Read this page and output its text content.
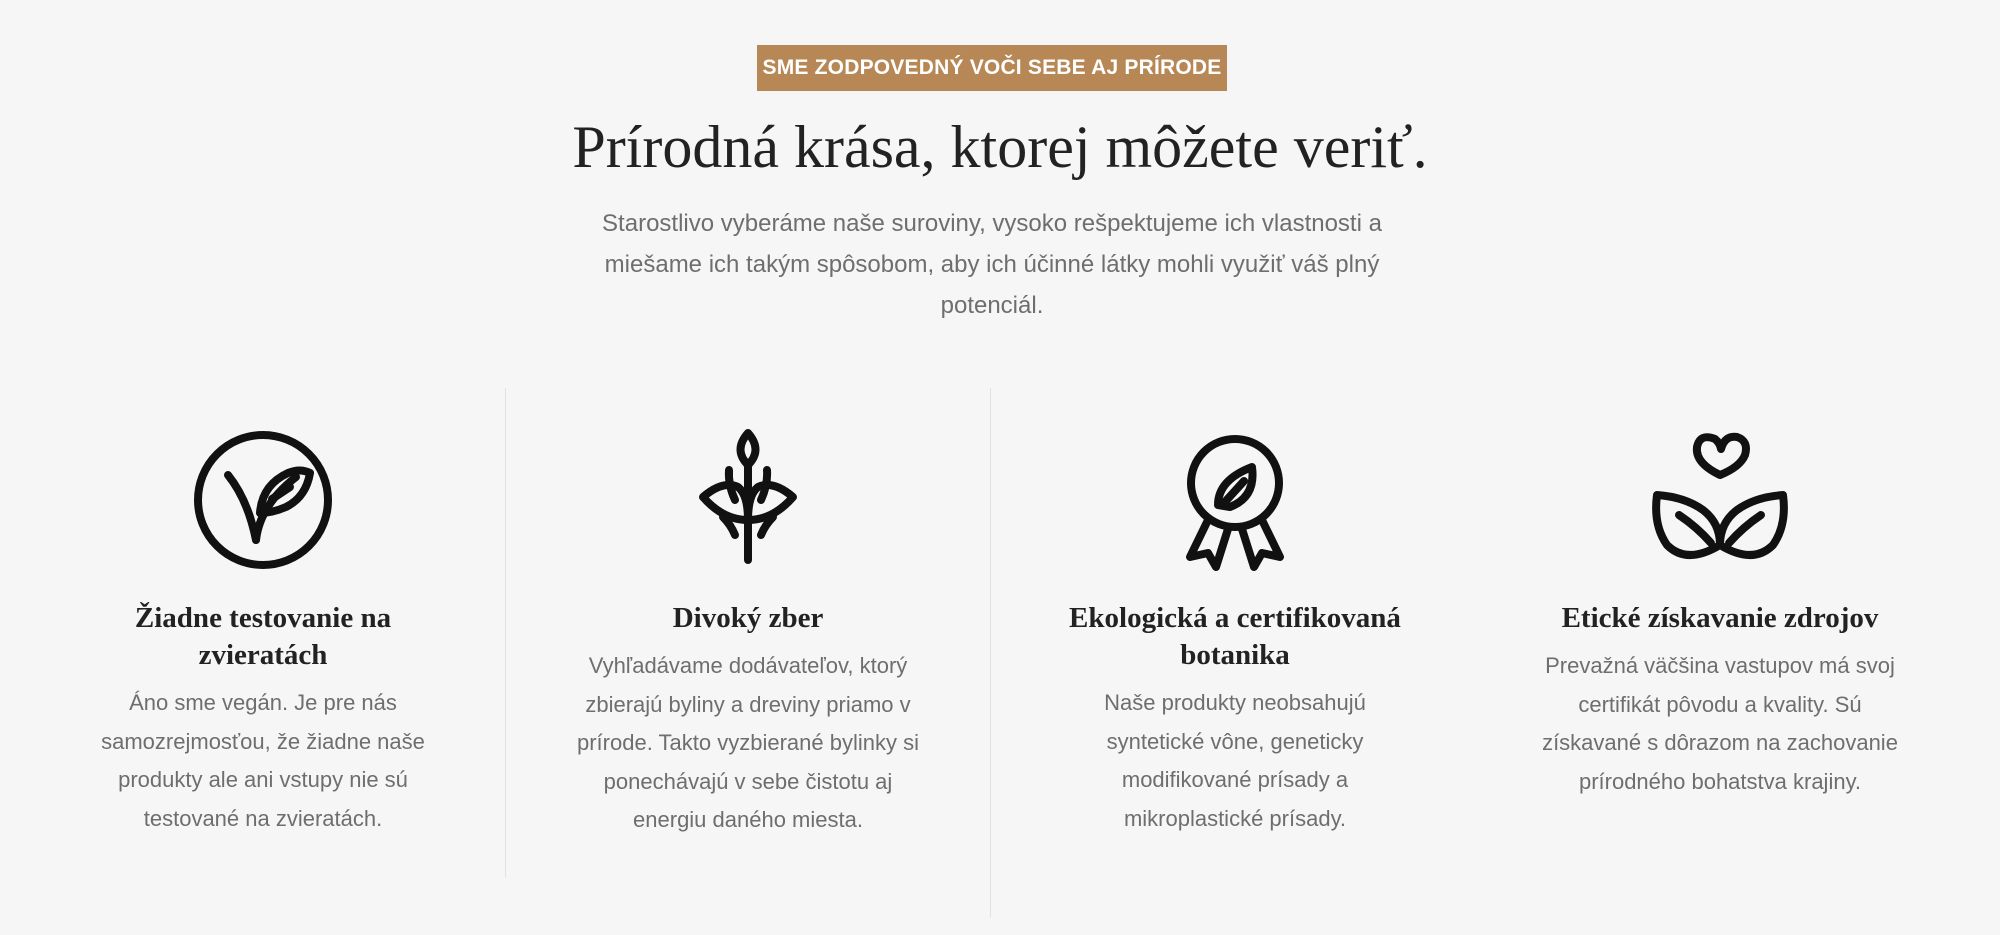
SME ZODPOVEDNÝ VOČI SEBE AJ PRÍRODE
Prírodná krása, ktorej môžete veriť.

Starostlivo vyberáme naše suroviny, vysoko rešpektujeme ich vlastnosti a miešame ich takým spôsobom, aby ich účinné látky mohli využiť váš plný potenciál.

Žiadne testovanie na zvieratách

Áno sme vegán. Je pre nás samozrejmosťou, že žiadne naše produkty ale ani vstupy nie sú testované na zvieratách.

Divoký zber

Vyhľadávame dodávateľov, ktorý zbierajú byliny a dreviny priamo v prírode. Takto vyzbierané bylinky si ponechávajú v sebe čistotu aj energiu daného miesta.

Ekologická a certifikovaná botanika

Naše produkty neobsahujú syntetické vône, geneticky modifikované prísady a mikroplastické prísady.

Etické získavanie zdrojov

Prevažná väčšina vastupov má svoj certifikát pôvodu a kvality. Sú získavané s dôrazom na zachovanie prírodného bohatstva krajiny.
